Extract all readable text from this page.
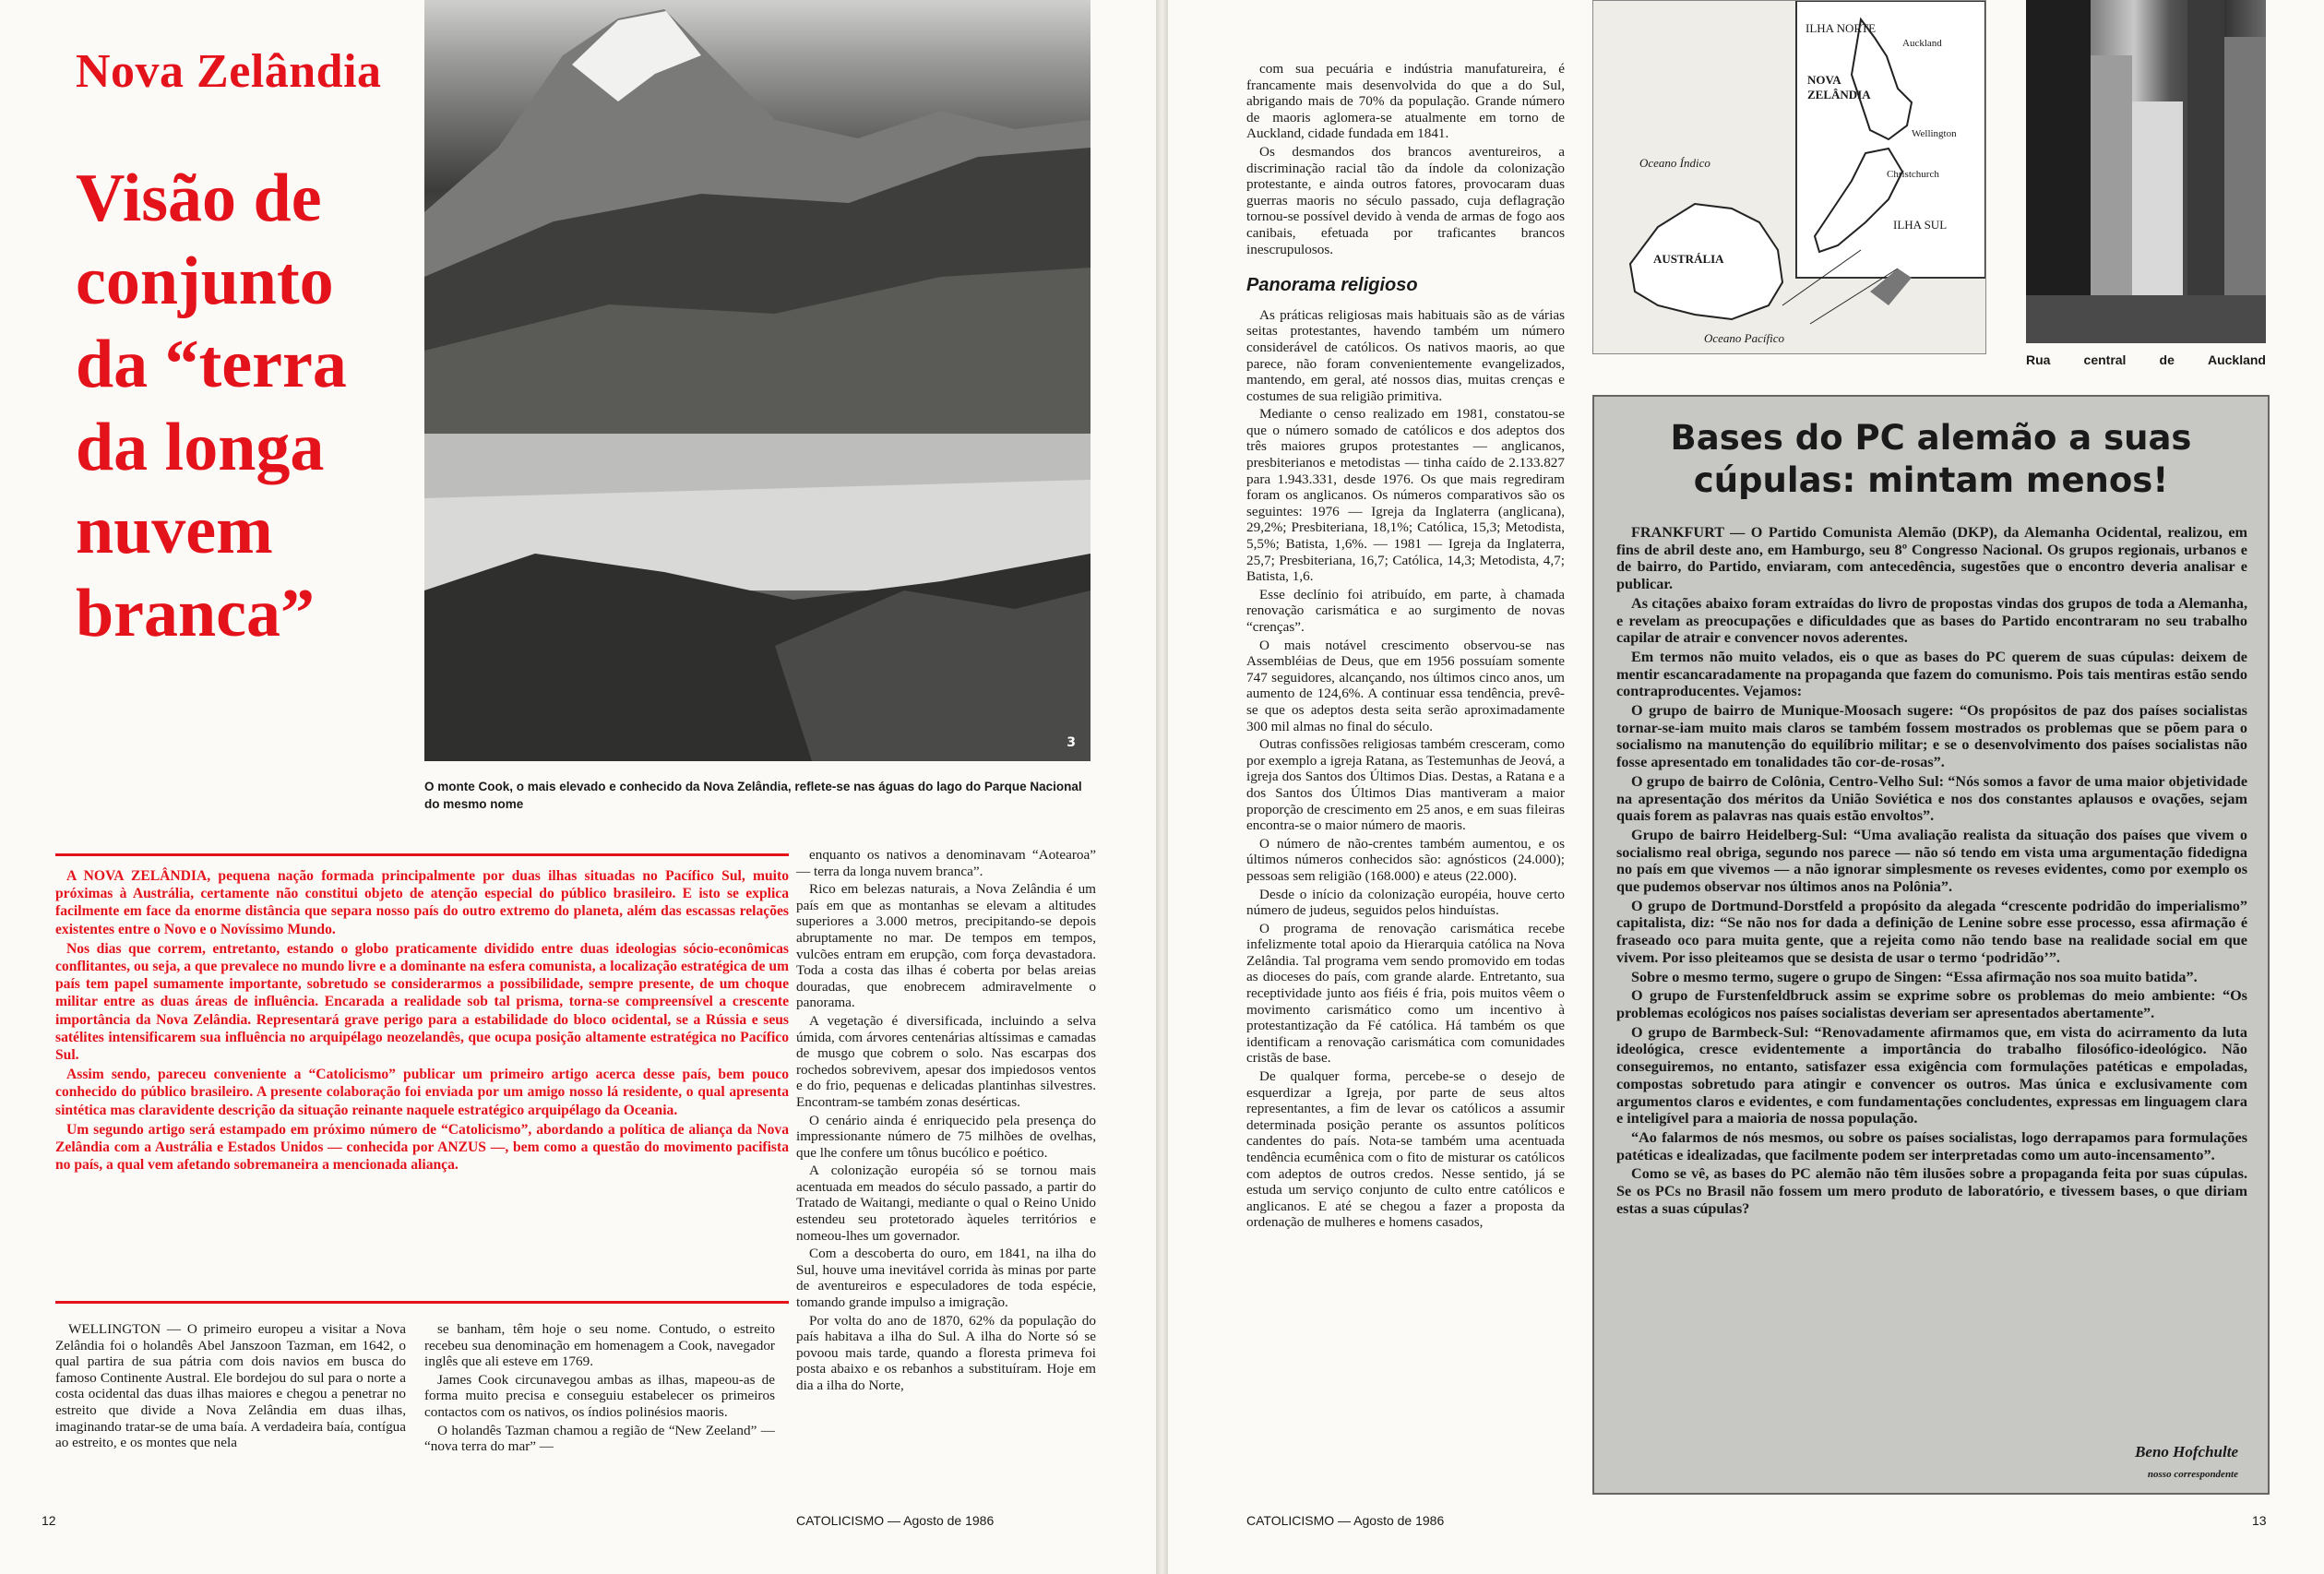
Nova Zelândia
Visão de conjunto da “terra da longa nuvem branca”
3
O monte Cook, o mais elevado e conhecido da Nova Zelândia, reflete-se nas águas do lago do Parque Nacional do mesmo nome

A NOVA ZELÂNDIA, pequena nação formada principalmente por duas ilhas situadas no Pacífico Sul, muito próximas à Austrália, certamente não constitui objeto de atenção especial do público brasileiro. E isto se explica facilmente em face da enorme distância que separa nosso país do outro extremo do planeta, além das escassas relações existentes entre o Novo e o Novíssimo Mundo.

Nos dias que correm, entretanto, estando o globo praticamente dividido entre duas ideologias sócio-econômicas conflitantes, ou seja, a que prevalece no mundo livre e a dominante na esfera comunista, a localização estratégica de um país tem papel sumamente importante, sobretudo se considerarmos a possibilidade, sempre presente, de um choque militar entre as duas áreas de influência. Encarada a realidade sob tal prisma, torna-se compreensível a crescente importância da Nova Zelândia. Representará grave perigo para a estabilidade do bloco ocidental, se a Rússia e seus satélites intensificarem sua influência no arquipélago neozelandês, que ocupa posição altamente estratégica no Pacífico Sul.

Assim sendo, pareceu conveniente a “Catolicismo” publicar um primeiro artigo acerca desse país, bem pouco conhecido do público brasileiro. A presente colaboração foi enviada por um amigo nosso lá residente, o qual apresenta sintética mas claravidente descrição da situação reinante naquele estratégico arquipélago da Oceania.

Um segundo artigo será estampado em próximo número de “Catolicismo”, abordando a política de aliança da Nova Zelândia com a Austrália e Estados Unidos — conhecida por ANZUS —, bem como a questão do movimento pacifista no país, a qual vem afetando sobremaneira a mencionada aliança.

WELLINGTON — O primeiro europeu a visitar a Nova Zelândia foi o holandês Abel Janszoon Tazman, em 1642, o qual partira de sua pátria com dois navios em busca do famoso Continente Austral. Ele bordejou do sul para o norte a costa ocidental das duas ilhas maiores e chegou a penetrar no estreito que divide a Nova Zelândia em duas ilhas, imaginando tratar-se de uma baía. A verdadeira baía, contígua ao estreito, e os montes que nela

se banham, têm hoje o seu nome. Contudo, o estreito recebeu sua denominação em homenagem a Cook, navegador inglês que ali esteve em 1769.

James Cook circunavegou ambas as ilhas, mapeou-as de forma muito precisa e conseguiu estabelecer os primeiros contactos com os nativos, os índios polinésios maoris.

O holandês Tazman chamou a região de “New Zeeland” — “nova terra do mar” —

enquanto os nativos a denominavam “Aotearoa” — terra da longa nuvem branca”.

Rico em belezas naturais, a Nova Zelândia é um país em que as montanhas se elevam a altitudes superiores a 3.000 metros, precipitando-se depois abruptamente no mar. De tempos em tempos, vulcões entram em erupção, com força devastadora. Toda a costa das ilhas é coberta por belas areias douradas, que enobrecem admiravelmente o panorama.

A vegetação é diversificada, incluindo a selva úmida, com árvores centenárias altíssimas e camadas de musgo que cobrem o solo. Nas escarpas dos rochedos sobrevivem, apesar dos impiedosos ventos e do frio, pequenas e delicadas plantinhas silvestres. Encontram-se também zonas desérticas.

O cenário ainda é enriquecido pela presença do impressionante número de 75 milhões de ovelhas, que lhe confere um tônus bucólico e poético.

A colonização européia só se tornou mais acentuada em meados do século passado, a partir do Tratado de Waitangi, mediante o qual o Reino Unido estendeu seu protetorado àqueles territórios e nomeou-lhes um governador.

Com a descoberta do ouro, em 1841, na ilha do Sul, houve uma inevitável corrida às minas por parte de aventureiros e especuladores de toda espécie, tomando grande impulso a imigração.

Por volta do ano de 1870, 62% da população do país habitava a ilha do Sul. A ilha do Norte só se povoou mais tarde, quando a floresta primeva foi posta abaixo e os rebanhos a substituíram. Hoje em dia a ilha do Norte,

12	CATOLICISMO — Agosto de 1986

com sua pecuária e indústria manufatureira, é francamente mais desenvolvida do que a do Sul, abrigando mais de 70% da população. Grande número de maoris aglomera-se atualmente em torno de Auckland, cidade fundada em 1841.

Os desmandos dos brancos aventureiros, a discriminação racial tão da índole da colonização protestante, e ainda outros fatores, provocaram duas guerras maoris no século passado, cuja deflagração tornou-se possível devido à venda de armas de fogo aos canibais, efetuada por traficantes brancos inescrupulosos.

Panorama religioso

As práticas religiosas mais habituais são as de várias seitas protestantes, havendo também um número considerável de católicos. Os nativos maoris, ao que parece, não foram convenientemente evangelizados, mantendo, em geral, até nossos dias, muitas crenças e costumes de sua religião primitiva.

Mediante o censo realizado em 1981, constatou-se que o número somado de católicos e dos adeptos dos três maiores grupos protestantes — anglicanos, presbiterianos e metodistas — tinha caído de 2.133.827 para 1.943.331, desde 1976. Os que mais regrediram foram os anglicanos. Os números comparativos são os seguintes: 1976 — Igreja da Inglaterra (anglicana), 29,2%; Presbiteriana, 18,1%; Católica, 15,3; Metodista, 5,5%; Batista, 1,6%. — 1981 — Igreja da Inglaterra, 25,7; Presbiteriana, 16,7; Católica, 14,3; Metodista, 4,7; Batista, 1,6.

Esse declínio foi atribuído, em parte, à chamada renovação carismática e ao surgimento de novas “crenças”.

O mais notável crescimento observou-se nas Assembléias de Deus, que em 1956 possuíam somente 747 seguidores, alcançando, nos últimos cinco anos, um aumento de 124,6%. A continuar essa tendência, prevê-se que os adeptos desta seita serão aproximadamente 300 mil almas no final do século.

Outras confissões religiosas também cresceram, como por exemplo a igreja Ratana, as Testemunhas de Jeová, a igreja dos Santos dos Últimos Dias. Destas, a Ratana e a dos Santos dos Últimos Dias mantiveram a maior proporção de crescimento em 25 anos, e em suas fileiras encontra-se o maior número de maoris.

O número de não-crentes também aumentou, e os últimos números conhecidos são: agnósticos (24.000); pessoas sem religião (168.000) e ateus (22.000).

Desde o início da colonização européia, houve certo número de judeus, seguidos pelos hinduístas.

O programa de renovação carismática recebe infelizmente total apoio da Hierarquia católica na Nova Zelândia. Tal programa vem sendo promovido em todas as dioceses do país, com grande alarde. Entretanto, sua receptividade junto aos fiéis é fria, pois muitos vêem o movimento carismático como um incentivo à protestantização da Fé católica. Há também os que identificam a renovação carismática com comunidades cristãs de base.

De qualquer forma, percebe-se o desejo de esquerdizar a Igreja, por parte de seus altos representantes, a fim de levar os católicos a assumir determinada posição perante os assuntos políticos candentes do país. Nota-se também uma acentuada tendência ecumênica com o fito de misturar os católicos com adeptos de outros credos. Nesse sentido, já se estuda um serviço conjunto de culto entre católicos e anglicanos. E até se chegou a fazer a proposta da ordenação de mulheres e homens casados,

ILHA NORTE
NOVA ZELÂNDIA
Auckland
Wellington
Christchurch
ILHA SUL
Oceano Índico
AUSTRÁLIA
Oceano Pacífico
Rua	central	de	Auckland
Bases do PC alemão a suas cúpulas: mintam menos!

FRANKFURT — O Partido Comunista Alemão (DKP), da Alemanha Ocidental, realizou, em fins de abril deste ano, em Hamburgo, seu 8º Congresso Nacional. Os grupos regionais, urbanos e de bairro, do Partido, enviaram, com antecedência, sugestões que o encontro deveria analisar e publicar.

As citações abaixo foram extraídas do livro de propostas vindas dos grupos de toda a Alemanha, e revelam as preocupações e dificuldades que as bases do Partido encontraram no seu trabalho capilar de atrair e convencer novos aderentes.

Em termos não muito velados, eis o que as bases do PC querem de suas cúpulas: deixem de mentir escancaradamente na propaganda que fazem do comunismo. Pois tais mentiras estão sendo contraproducentes. Vejamos:

O grupo de bairro de Munique-Moosach sugere: “Os propósitos de paz dos países socialistas tornar-se-iam muito mais claros se também fossem mostrados os problemas que se põem para o socialismo na manutenção do equilíbrio militar; e se o desenvolvimento dos países socialistas não fosse apresentado em tonalidades tão cor-de-rosas”.

O grupo de bairro de Colônia, Centro-Velho Sul: “Nós somos a favor de uma maior objetividade na apresentação dos méritos da União Soviética e nos dos constantes aplausos e ovações, sejam quais forem as palavras nas quais estão envoltos”.

Grupo de bairro Heidelberg-Sul: “Uma avaliação realista da situação dos países que vivem o socialismo real obriga, segundo nos parece — não só tendo em vista uma argumentação fidedigna no país em que vivemos — a não ignorar simplesmente os reveses evidentes, como por exemplo os que pudemos observar nos últimos anos na Polônia”.

O grupo de Dortmund-Dorstfeld a propósito da alegada “crescente podridão do imperialismo” capitalista, diz: “Se não nos for dada a definição de Lenine sobre esse processo, essa afirmação é fraseado oco para muita gente, que a rejeita como não tendo base na realidade social em que vivem. Por isso pleiteamos que se desista de usar o termo ‘podridão’”.

Sobre o mesmo termo, sugere o grupo de Singen: “Essa afirmação nos soa muito batida”.

O grupo de Furstenfeldbruck assim se exprime sobre os problemas do meio ambiente: “Os problemas ecológicos nos países socialistas deveriam ser apresentados abertamente”.

O grupo de Barmbeck-Sul: “Renovadamente afirmamos que, em vista do acirramento da luta ideológica, cresce evidentemente a importância do trabalho filosófico-ideológico. Não conseguiremos, no entanto, satisfazer essa exigência com formulações patéticas e empoladas, compostas sobretudo para atingir e convencer os outros. Mas única e exclusivamente com argumentos claros e evidentes, e com fundamentações concludentes, expressas em linguagem clara e inteligível para a maioria de nossa população.

“Ao falarmos de nós mesmos, ou sobre os países socialistas, logo derrapamos para formulações patéticas e idealizadas, que facilmente podem ser interpretadas como um auto-incensamento”.

Como se vê, as bases do PC alemão não têm ilusões sobre a propaganda feita por suas cúpulas. Se os PCs no Brasil não fossem um mero produto de laboratório, e tivessem bases, o que diriam estas a suas cúpulas?

Beno Hofchulte
nosso correspondente
CATOLICISMO — Agosto de 1986	13
